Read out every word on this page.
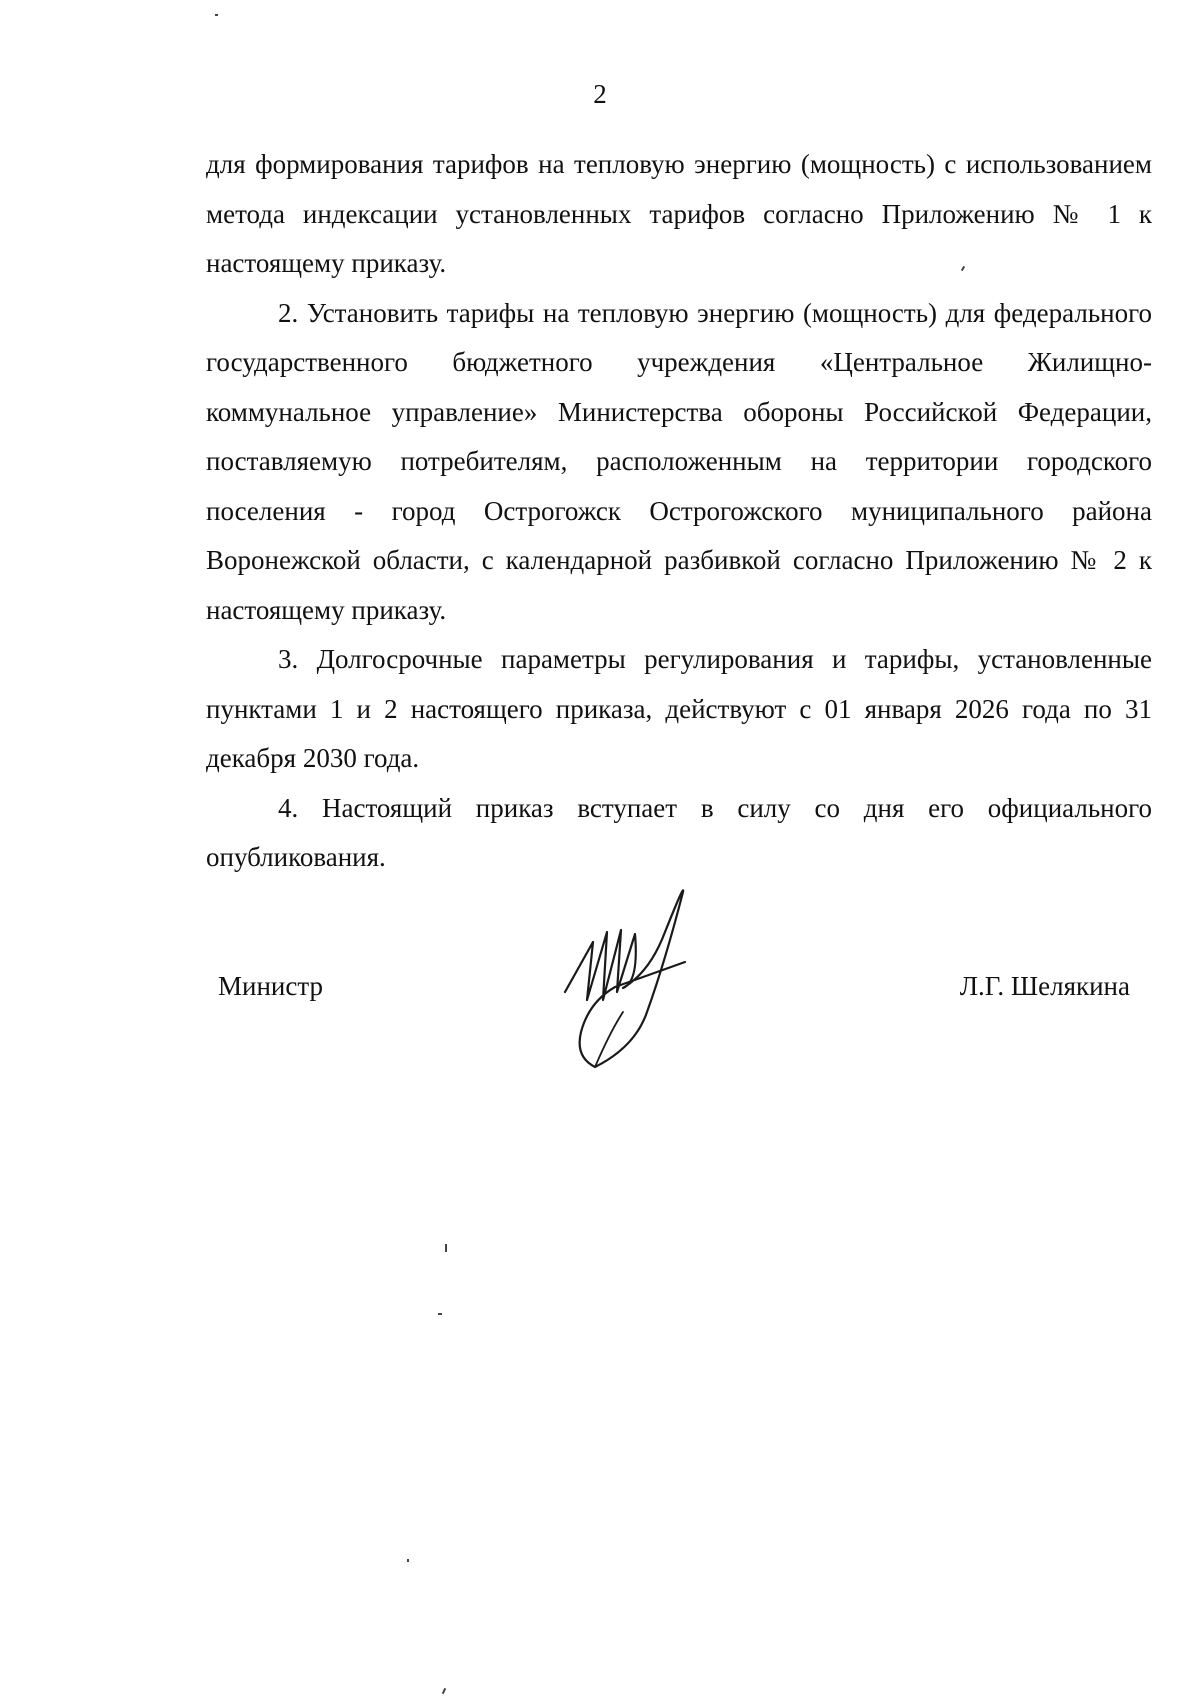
2

для формирования тарифов на тепловую энергию (мощность) с использованием метода индексации установленных тарифов согласно Приложению № 1 к настоящему приказу.

2. Установить тарифы на тепловую энергию (мощность) для федерального государственного бюджетного учреждения «Центральное Жилищно-коммунальное управление» Министерства обороны Российской Федерации, поставляемую потребителям, расположенным на территории городского поселения - город Острогожск Острогожского муниципального района Воронежской области, с календарной разбивкой согласно Приложению № 2 к настоящему приказу.

3. Долгосрочные параметры регулирования и тарифы, установленные пунктами 1 и 2 настоящего приказа, действуют с 01 января 2026 года по 31 декабря 2030 года.

4. Настоящий приказ вступает в силу со дня его официального опубликования.

Министр	Л.Г. Шелякина
